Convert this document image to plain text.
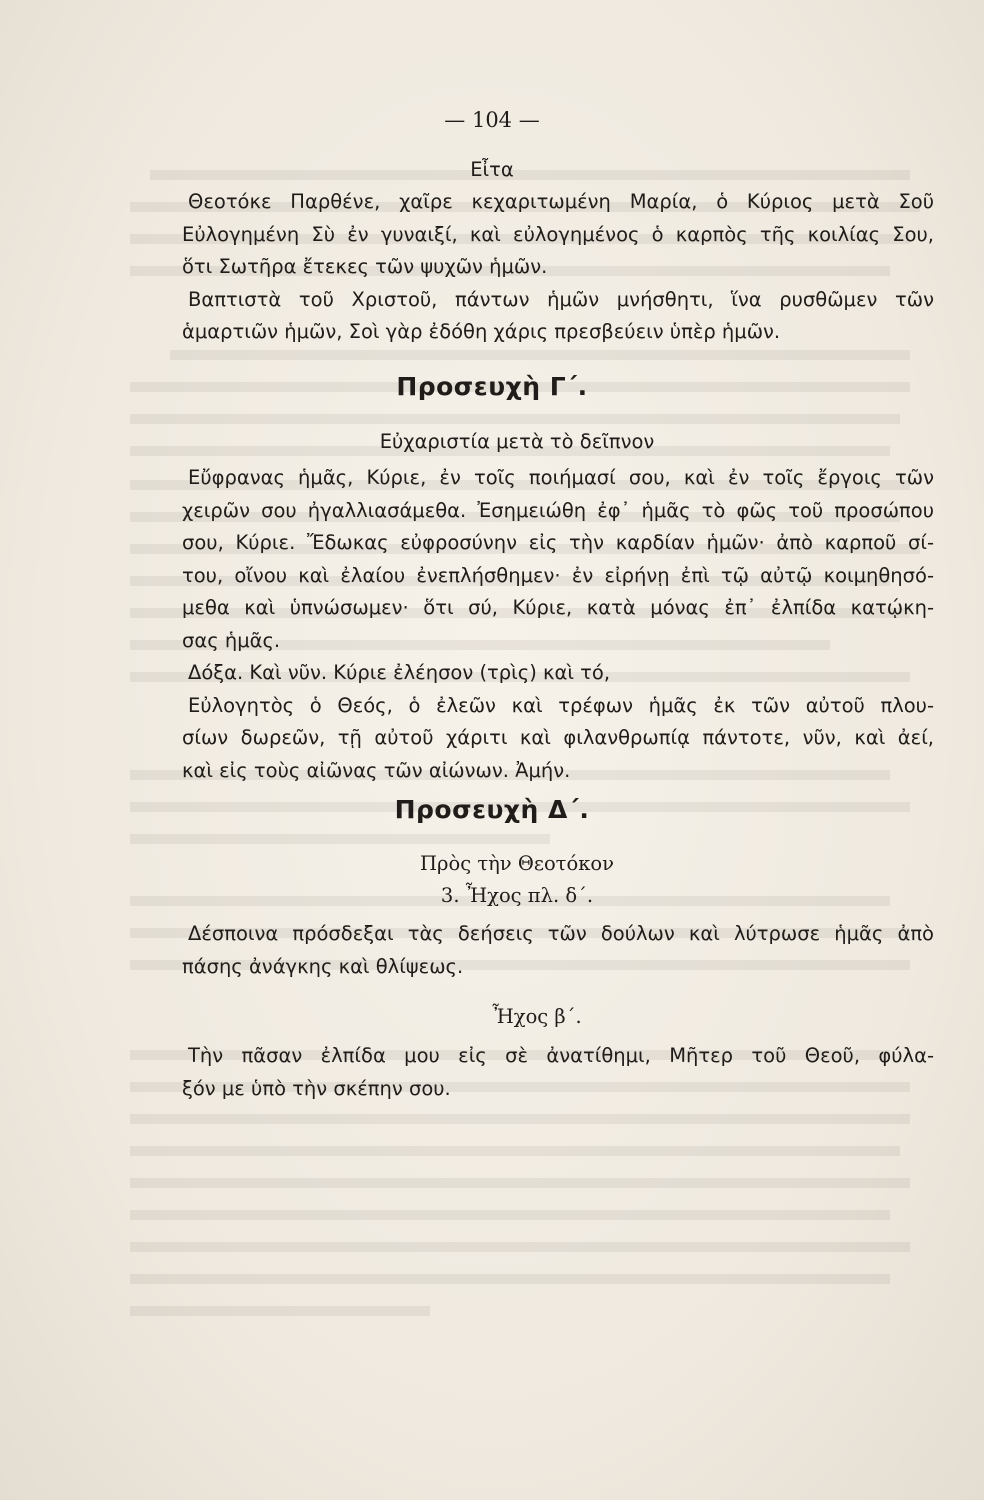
— 104 —
Εἶτα
Θεοτόκε Παρθένε, χαῖρε κεχαριτωμένη Μαρία, ὁ Κύριος μετὰ Σοῦ
Εὐλογημένη Σὺ ἐν γυναιξί, καὶ εὐλογημένος ὁ καρπὸς τῆς κοιλίας Σου,
ὅτι Σωτῆρα ἔτεκες τῶν ψυχῶν ἡμῶν.
Βαπτιστὰ τοῦ Χριστοῦ, πάντων ἡμῶν μνήσθητι, ἵνα ρυσθῶμεν τῶν
ἁμαρτιῶν ἡμῶν, Σοὶ γὰρ ἐδόθη χάρις πρεσβεύειν ὑπὲρ ἡμῶν.
Προσευχὴ Γ΄.
Εὐχαριστία μετὰ τὸ δεῖπνον
Εὔφρανας ἡμᾶς, Κύριε, ἐν τοῖς ποιήμασί σου, καὶ ἐν τοῖς ἔργοις τῶν
χειρῶν σου ἠγαλλιασάμεθα. Ἐσημειώθη ἐφ᾽ ἡμᾶς τὸ φῶς τοῦ προσώπου
σου, Κύριε. Ἔδωκας εὐφροσύνην εἰς τὴν καρδίαν ἡμῶν· ἀπὸ καρποῦ σί-
του, οἴνου καὶ ἐλαίου ἐνεπλήσθημεν· ἐν εἰρήνῃ ἐπὶ τῷ αὐτῷ κοιμηθησό-
μεθα καὶ ὑπνώσωμεν· ὅτι σύ, Κύριε, κατὰ μόνας ἐπ᾽ ἐλπίδα κατῴκη-
σας ἡμᾶς.
Δόξα. Καὶ νῦν. Κύριε ἐλέησον (τρὶς) καὶ τό,
Εὐλογητὸς ὁ Θεός, ὁ ἐλεῶν καὶ τρέφων ἡμᾶς ἐκ τῶν αὐτοῦ πλου-
σίων δωρεῶν, τῇ αὐτοῦ χάριτι καὶ φιλανθρωπίᾳ πάντοτε, νῦν, καὶ ἀεί,
καὶ εἰς τοὺς αἰῶνας τῶν αἰώνων. Ἀμήν.
Προσευχὴ Δ΄.
Πρὸς τὴν Θεοτόκον
3. Ἦχος πλ. δ΄.
Δέσποινα πρόσδεξαι τὰς δεήσεις τῶν δούλων καὶ λύτρωσε ἡμᾶς ἀπὸ
πάσης ἀνάγκης καὶ θλίψεως.
Ἦχος β΄.
Τὴν πᾶσαν ἐλπίδα μου εἰς σὲ ἀνατίθημι, Μῆτερ τοῦ Θεοῦ, φύλα-
ξόν με ὑπὸ τὴν σκέπην σου.
